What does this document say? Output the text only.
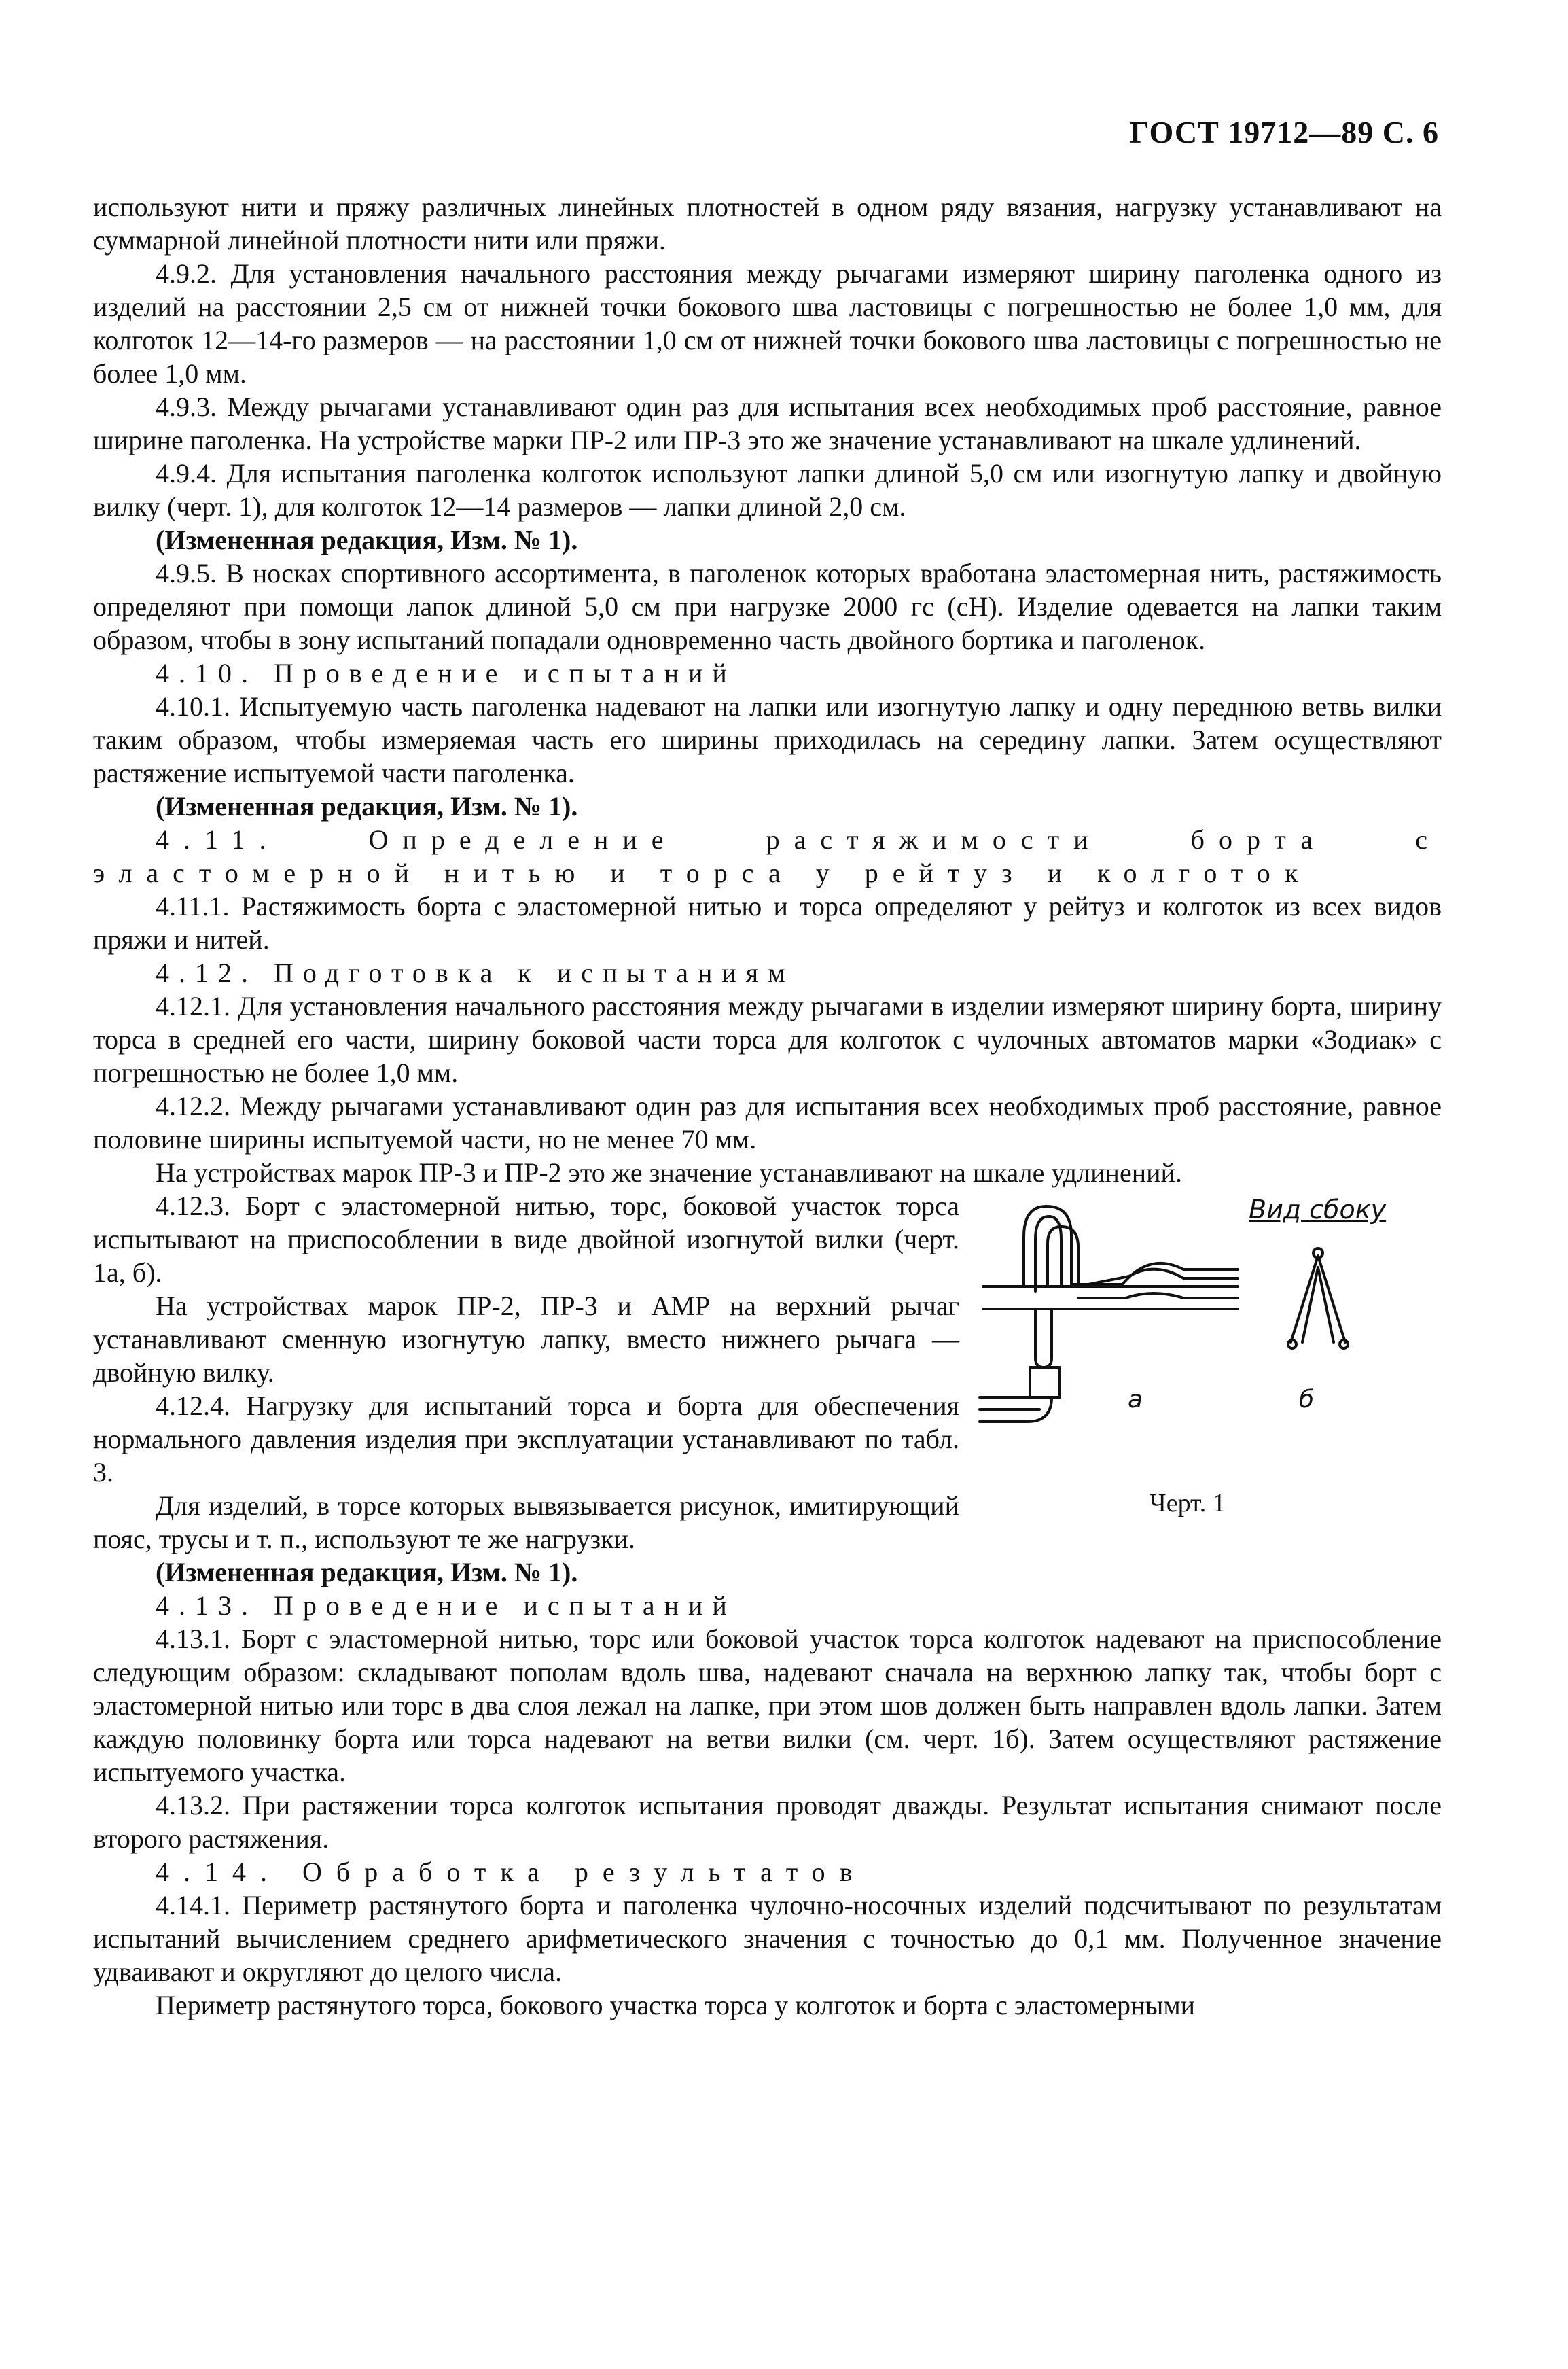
ГОСТ 19712—89 С. 6

используют нити и пряжу различных линейных плотностей в одном ряду вязания, нагрузку устанавливают на суммарной линейной плотности нити или пряжи.

4.9.2. Для установления начального расстояния между рычагами измеряют ширину паголенка одного из изделий на расстоянии 2,5 см от нижней точки бокового шва ластовицы с погрешностью не более 1,0 мм, для колготок 12—14-го размеров — на расстоянии 1,0 см от нижней точки бокового шва ластовицы с погрешностью не более 1,0 мм.

4.9.3. Между рычагами устанавливают один раз для испытания всех необходимых проб расстояние, равное ширине паголенка. На устройстве марки ПР-2 или ПР-3 это же значение устанавливают на шкале удлинений.

4.9.4. Для испытания паголенка колготок используют лапки длиной 5,0 см или изогнутую лапку и двойную вилку (черт. 1), для колготок 12—14 размеров — лапки длиной 2,0 см.

(Измененная редакция, Изм. № 1).

4.9.5. В носках спортивного ассортимента, в паголенок которых вработана эластомерная нить, растяжимость определяют при помощи лапок длиной 5,0 см при нагрузке 2000 гс (сН). Изделие одевается на лапки таким образом, чтобы в зону испытаний попадали одновременно часть двойного бортика и паголенок.

4.10. Проведение испытаний

4.10.1. Испытуемую часть паголенка надевают на лапки или изогнутую лапку и одну переднюю ветвь вилки таким образом, чтобы измеряемая часть его ширины приходилась на середину лапки. Затем осуществляют растяжение испытуемой части паголенка.

(Измененная редакция, Изм. № 1).

4.11. Определение растяжимости борта с эластомерной нитью и торса у рейтуз и колготок

4.11.1. Растяжимость борта с эластомерной нитью и торса определяют у рейтуз и колготок из всех видов пряжи и нитей.

4.12. Подготовка к испытаниям

4.12.1. Для установления начального расстояния между рычагами в изделии измеряют ширину борта, ширину торса в средней его части, ширину боковой части торса для колготок с чулочных автоматов марки «Зодиак» с погрешностью не более 1,0 мм.

4.12.2. Между рычагами устанавливают один раз для испытания всех необходимых проб расстояние, равное половине ширины испытуемой части, но не менее 70 мм.

На устройствах марок ПР-3 и ПР-2 это же значение устанавливают на шкале удлинений.

4.12.3. Борт с эластомерной нитью, торс, боковой участок торса испытывают на приспособлении в виде двойной изогнутой вилки (черт. 1а, б).

На устройствах марок ПР-2, ПР-3 и АМР на верхний рычаг устанавливают сменную изогнутую лапку, вместо нижнего рычага — двойную вилку.

4.12.4. Нагрузку для испытаний торса и борта для обеспечения нормального давления изделия при эксплуатации устанавливают по табл. 3.

Для изделий, в торсе которых вывязывается рисунок, имитирующий пояс, трусы и т. п., используют те же нагрузки.

Вид сбоку
а	б
Черт. 1

(Измененная редакция, Изм. № 1).

4.13. Проведение испытаний

4.13.1. Борт с эластомерной нитью, торс или боковой участок торса колготок надевают на приспособление следующим образом: складывают пополам вдоль шва, надевают сначала на верхнюю лапку так, чтобы борт с эластомерной нитью или торс в два слоя лежал на лапке, при этом шов должен быть направлен вдоль лапки. Затем каждую половинку борта или торса надевают на ветви вилки (см. черт. 1б). Затем осуществляют растяжение испытуемого участка.

4.13.2. При растяжении торса колготок испытания проводят дважды. Результат испытания снимают после второго растяжения.

4.14. Обработка результатов

4.14.1. Периметр растянутого борта и паголенка чулочно-носочных изделий подсчитывают по результатам испытаний вычислением среднего арифметического значения с точностью до 0,1 мм. Полученное значение удваивают и округляют до целого числа.

Периметр растянутого торса, бокового участка торса у колготок и борта с эластомерными
